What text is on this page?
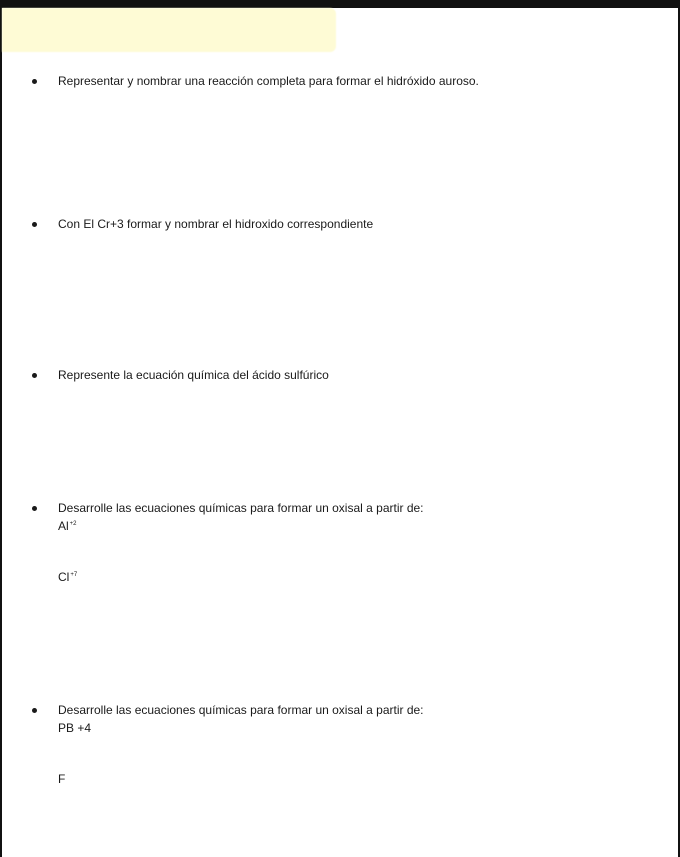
Representar y nombrar una reacción completa para formar el hidróxido auroso.
Con El Cr+3 formar y nombrar el hidroxido correspondiente
Represente la ecuación química del ácido sulfúrico
Desarrolle las ecuaciones químicas para formar un oxisal a partir de:
$Al^{+2}$
$Cl^{+7}$
Desarrolle las ecuaciones químicas para formar un oxisal a partir de:
PB +4
F
